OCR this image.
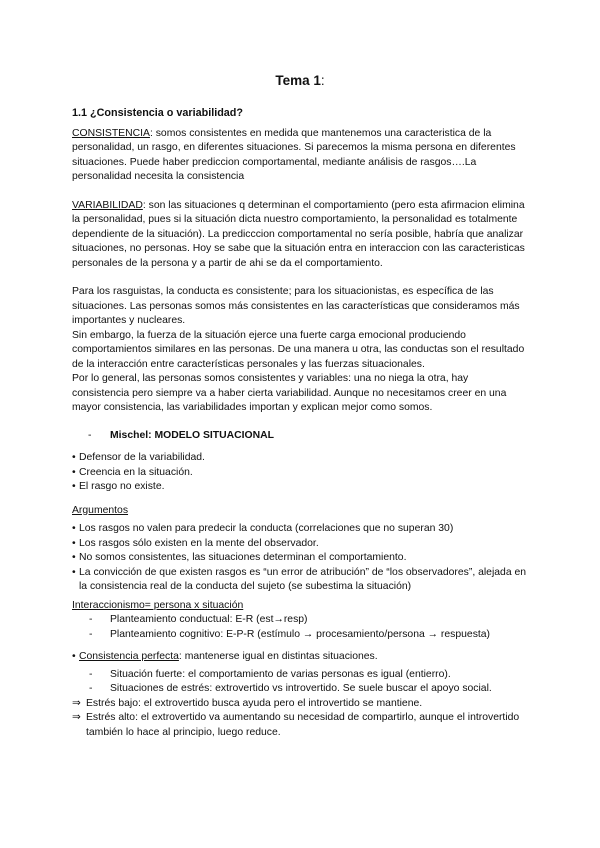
Tema 1:
1.1 ¿Consistencia o variabilidad?

CONSISTENCIA: somos consistentes en medida que mantenemos una caracteristica de la personalidad, un rasgo, en diferentes situaciones. Si parecemos la misma persona en diferentes situaciones. Puede haber prediccion comportamental, mediante análisis de rasgos….La personalidad necesita la consistencia

VARIABILIDAD: son las situaciones q determinan el comportamiento (pero esta afirmacion elimina la personalidad, pues si la situación dicta nuestro comportamiento, la personalidad es totalmente dependiente de la situación). La predicccion comportamental no sería posible, habría que analizar situaciones, no personas. Hoy se sabe que la situación entra en interaccion con las caracteristicas personales de la persona y a partir de ahi se da el comportamiento.

Para los rasguistas, la conducta es consistente; para los situacionistas, es específica de las situaciones. Las personas somos más consistentes en las características que consideramos más importantes y nucleares.

Sin embargo, la fuerza de la situación ejerce una fuerte carga emocional produciendo comportamientos similares en las personas. De una manera u otra, las conductas son el resultado de la interacción entre características personales y las fuerzas situacionales.

Por lo general, las personas somos consistentes y variables: una no niega la otra, hay consistencia pero siempre va a haber cierta variabilidad. Aunque no necesitamos creer en una mayor consistencia, las variabilidades importan y explican mejor como somos.

-	Mischel: MODELO SITUACIONAL
• Defensor de la variabilidad.
• Creencia en la situación.
• El rasgo no existe.

Argumentos

• Los rasgos no valen para predecir la conducta (correlaciones que no superan 30)
• Los rasgos sólo existen en la mente del observador.
• No somos consistentes, las situaciones determinan el comportamiento.
• La convicción de que existen rasgos es “un error de atribución” de “los observadores”, alejada en la consistencia real de la conducta del sujeto (se subestima la situación)

Interaccionismo= persona x situación

-	Planteamiento conductual: E-R (est→resp)
-	Planteamiento cognitivo: E-P-R (estímulo → procesamiento/persona → respuesta)
• Consistencia perfecta: mantenerse igual en distintas situaciones.
-	Situación fuerte: el comportamiento de varias personas es igual (entierro).
-	Situaciones de estrés: extrovertido vs introvertido. Se suele buscar el apoyo social.
⇒ Estrés bajo: el extrovertido busca ayuda pero el introvertido se mantiene.
⇒ Estrés alto: el extrovertido va aumentando su necesidad de compartirlo, aunque el introvertido también lo hace al principio, luego reduce.
